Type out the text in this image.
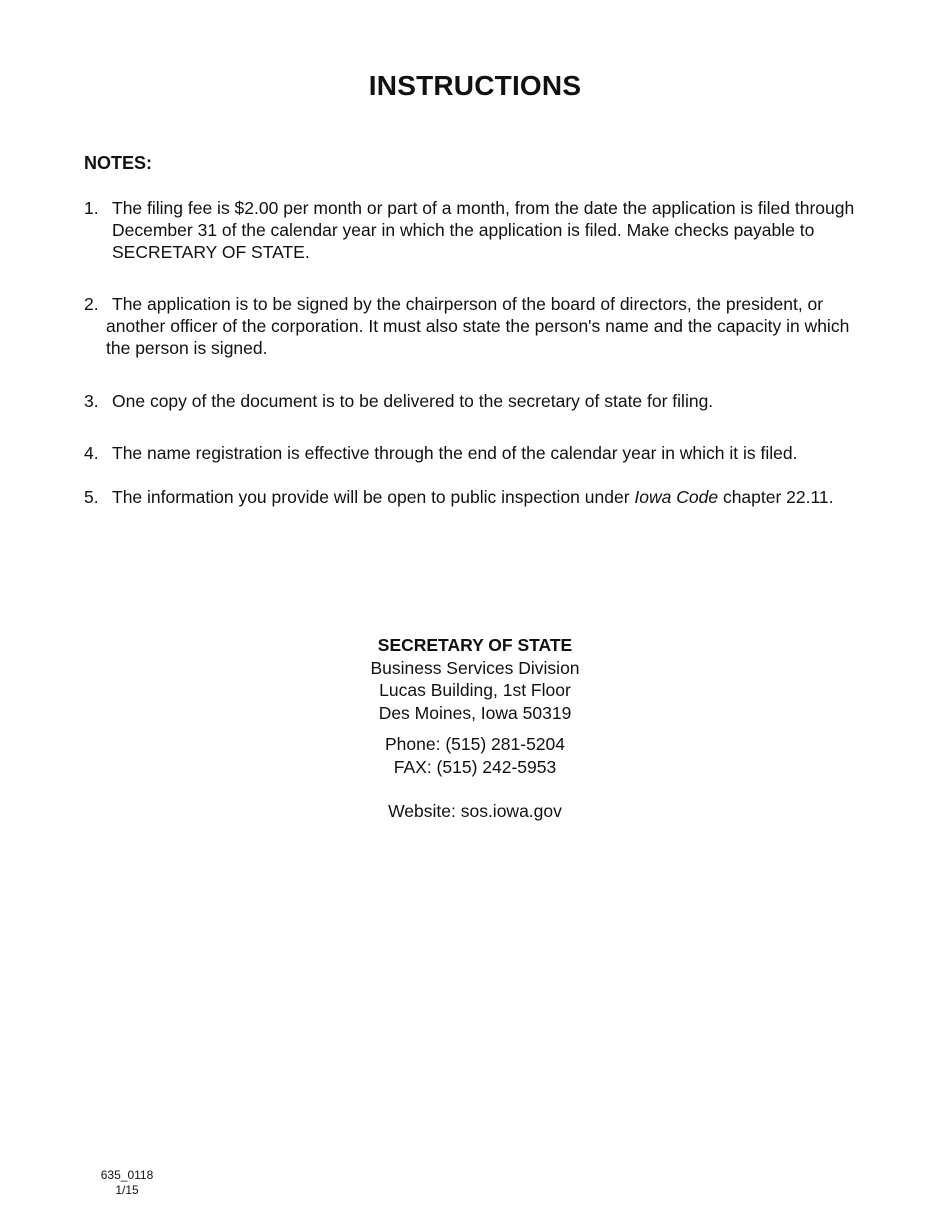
INSTRUCTIONS
NOTES:
1. The filing fee is $2.00 per month or part of a month, from the date the application is filed through December 31 of the calendar year in which the application is filed. Make checks payable to SECRETARY OF STATE.
2. The application is to be signed by the chairperson of the board of directors, the president, or another officer of the corporation. It must also state the person's name and the capacity in which the person is signed.
3. One copy of the document is to be delivered to the secretary of state for filing.
4. The name registration is effective through the end of the calendar year in which it is filed.
5. The information you provide will be open to public inspection under Iowa Code chapter 22.11.
SECRETARY OF STATE
Business Services Division
Lucas Building, 1st Floor
Des Moines, Iowa 50319
Phone: (515) 281-5204
FAX: (515) 242-5953
Website: sos.iowa.gov
635_0118
1/15
